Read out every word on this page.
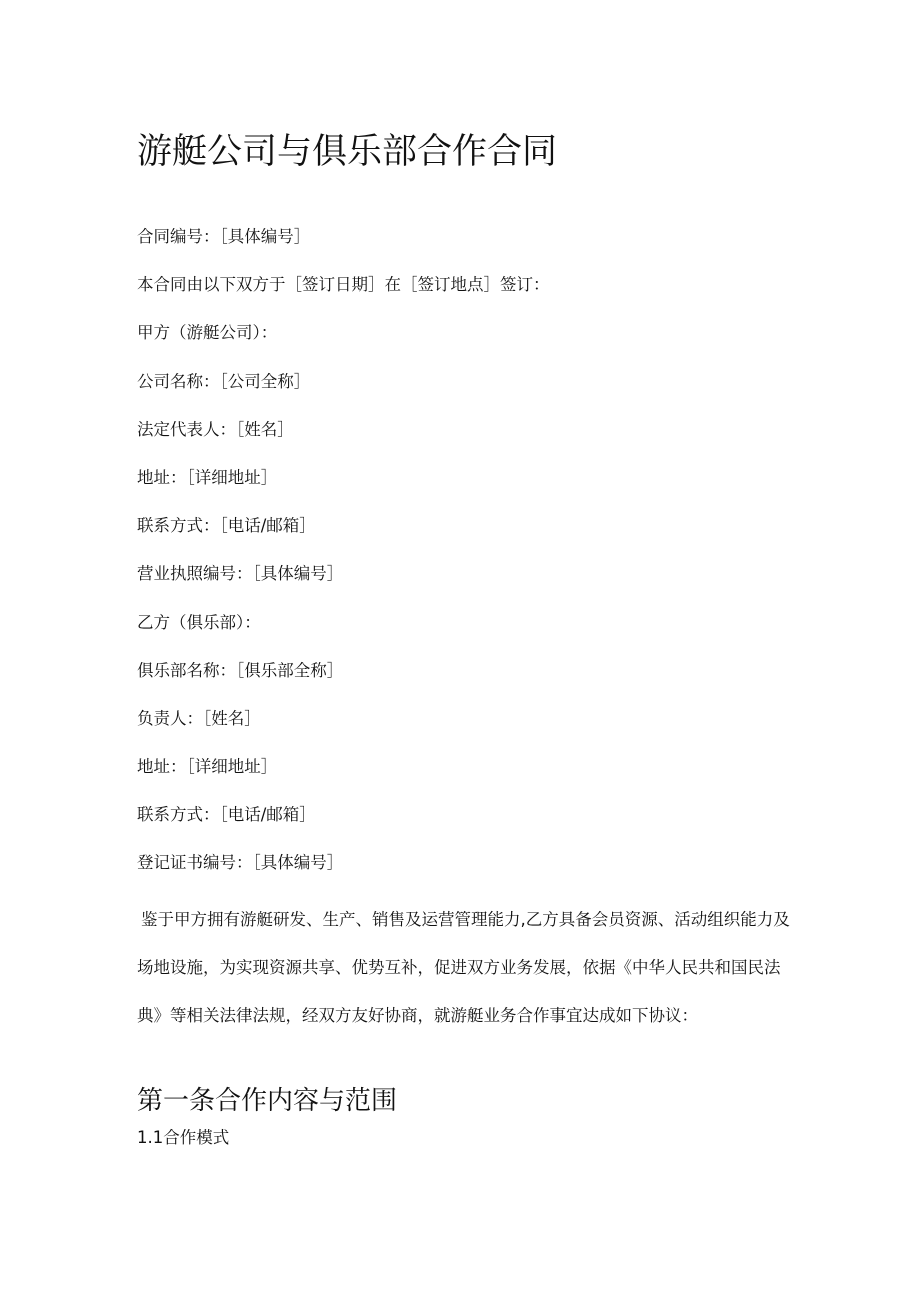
游艇公司与俱乐部合作合同

合同编号：［具体编号］

本合同由以下双方于［签订日期］在［签订地点］签订：

甲方（游艇公司）：

公司名称：［公司全称］

法定代表人：［姓名］

地址：［详细地址］

联系方式：［电话/邮箱］

营业执照编号：［具体编号］

乙方（俱乐部）：

俱乐部名称：［俱乐部全称］

负责人：［姓名］

地址：［详细地址］

联系方式：［电话/邮箱］

登记证书编号：［具体编号］

鉴于甲方拥有游艇研发、生产、销售及运营管理能力,乙方具备会员资源、活动组织能力及场地设施，为实现资源共享、优势互补，促进双方业务发展，依据《中华人民共和国民法典》等相关法律法规，经双方友好协商，就游艇业务合作事宜达成如下协议：

第一条合作内容与范围

1.1合作模式
